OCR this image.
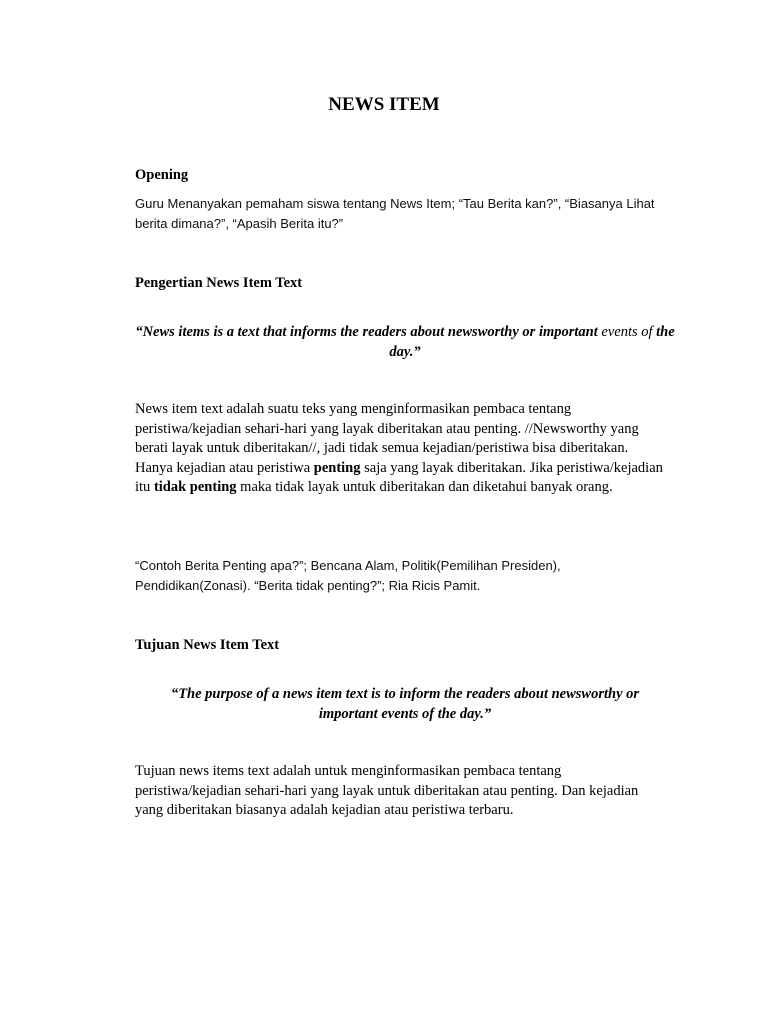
NEWS ITEM
Opening

Guru Menanyakan pemaham siswa tentang News Item; “Tau Berita kan?”, “Biasanya Lihat berita dimana?”, “Apasih Berita itu?”

Pengertian News Item Text

“News items is a text that informs the readers about newsworthy or important events of the day.”

News item text adalah suatu teks yang menginformasikan pembaca tentang peristiwa/kejadian sehari-hari yang layak diberitakan atau penting. //Newsworthy yang berati layak untuk diberitakan//, jadi tidak semua kejadian/peristiwa bisa diberitakan. Hanya kejadian atau peristiwa penting saja yang layak diberitakan. Jika peristiwa/kejadian itu tidak penting maka tidak layak untuk diberitakan dan diketahui banyak orang.

“Contoh Berita Penting apa?”; Bencana Alam, Politik(Pemilihan Presiden), Pendidikan(Zonasi). “Berita tidak penting?”; Ria Ricis Pamit.

Tujuan News Item Text

“The purpose of a news item text is to inform the readers about newsworthy or important events of the day.”

Tujuan news items text adalah untuk menginformasikan pembaca tentang peristiwa/kejadian sehari-hari yang layak untuk diberitakan atau penting. Dan kejadian yang diberitakan biasanya adalah kejadian atau peristiwa terbaru.
